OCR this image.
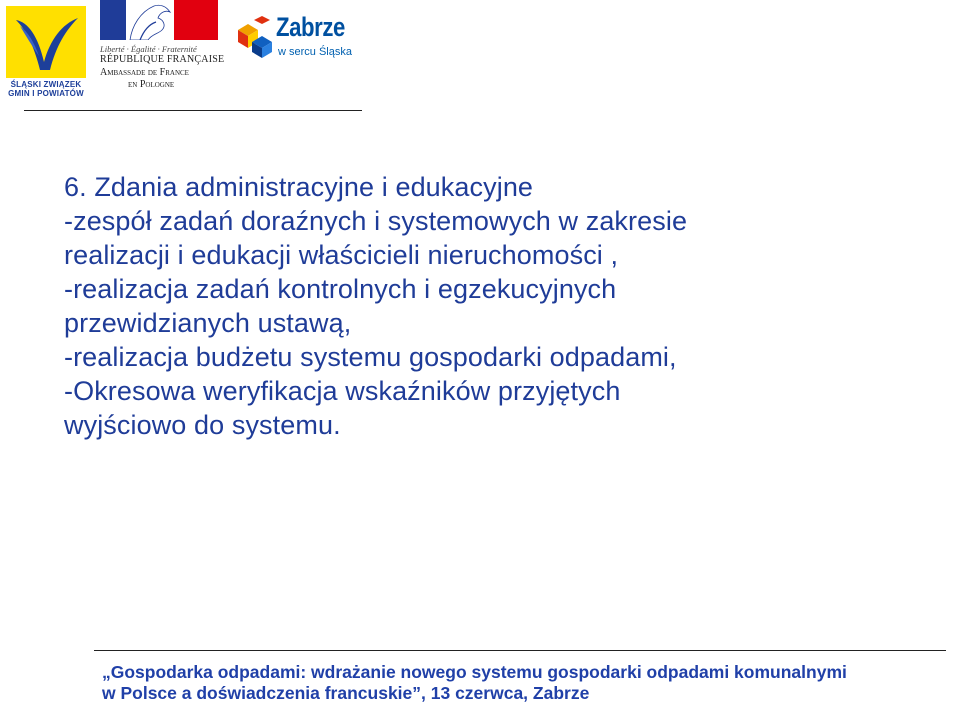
ŚLĄSKI ZWIĄZEK
GMIN I POWIATÓW
Liberté · Égalité · Fraternité
RÉPUBLIQUE FRANÇAISE
Ambassade de France
en Pologne
Zabrze
w sercu Śląska
6. Zdania administracyjne i edukacyjne
-zespół zadań doraźnych i systemowych w zakresie
realizacji i edukacji właścicieli nieruchomości ,
-realizacja zadań kontrolnych i egzekucyjnych
przewidzianych ustawą,
-realizacja budżetu systemu gospodarki odpadami,
-Okresowa weryfikacja wskaźników przyjętych
wyjściowo do systemu.
„Gospodarka odpadami: wdrażanie nowego systemu gospodarki odpadami komunalnymi
w Polsce a doświadczenia francuskie”, 13 czerwca, Zabrze
